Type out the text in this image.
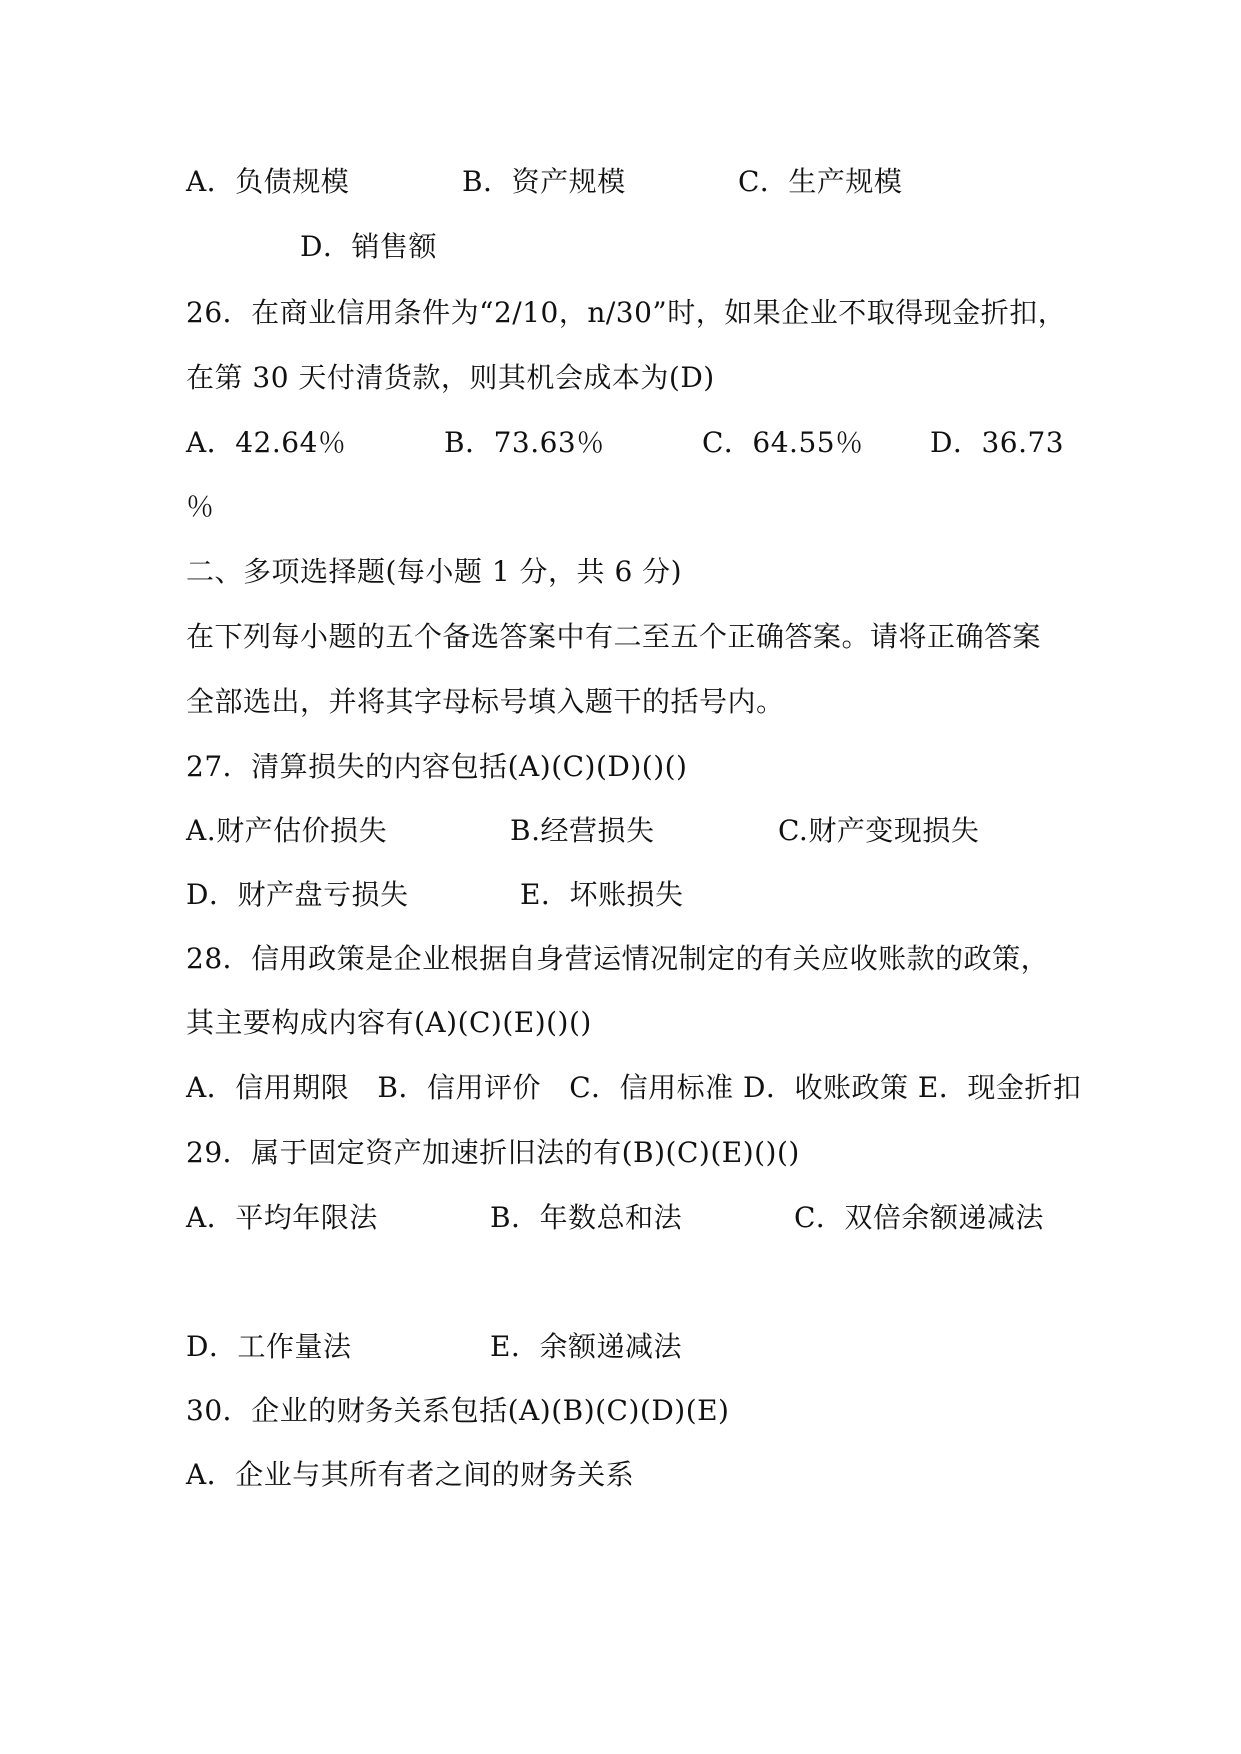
A．负债规模	B．资产规模	C．生产规模
D．销售额
26．在商业信用条件为“2/10，n/30”时，如果企业不取得现金折扣，
在第 30 天付清货款，则其机会成本为(D)
A．42.64％	B．73.63％	C．64.55％ D．36.73
％
二、多项选择题(每小题 1 分，共 6 分)
在下列每小题的五个备选答案中有二至五个正确答案。请将正确答案
全部选出，并将其字母标号填入题干的括号内。
27．清算损失的内容包括(A)(C)(D)()()
A.财产估价损失	B.经营损失	C.财产变现损失
D．财产盘亏损失	E．坏账损失
28．信用政策是企业根据自身营运情况制定的有关应收账款的政策，
其主要构成内容有(A)(C)(E)()()
A．信用期限   B．信用评价   C．信用标准 D．收账政策 E．现金折扣
29．属于固定资产加速折旧法的有(B)(C)(E)()()
A．平均年限法	B．年数总和法	C．双倍余额递减法
D．工作量法	E．余额递减法
30．企业的财务关系包括(A)(B)(C)(D)(E)
A．企业与其所有者之间的财务关系
